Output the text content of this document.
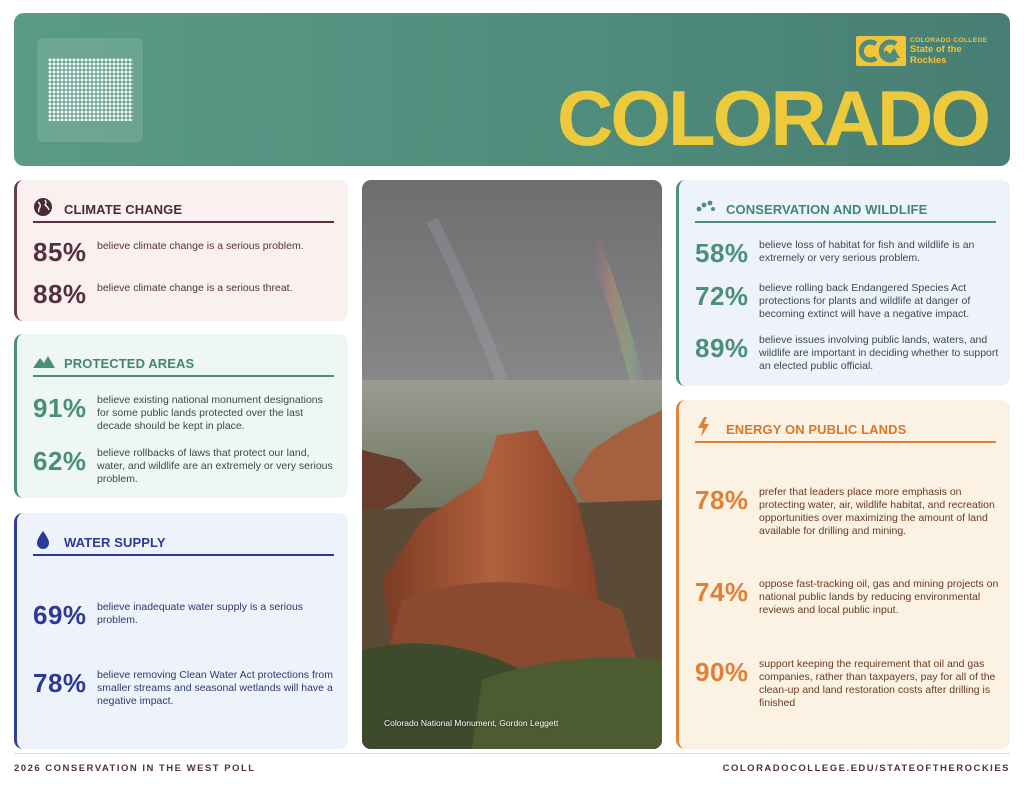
COLORADO COLLEGE
State of the
Rockies
COLORADO
CLIMATE CHANGE
85% believe climate change is a serious problem.
88% believe climate change is a serious threat.
PROTECTED AREAS
91% believe existing national monument designations for some public lands protected over the last decade should be kept in place.
62% believe rollbacks of laws that protect our land, water, and wildlife are an extremely or very serious problem.
WATER SUPPLY
69% believe inadequate water supply is a serious problem.
78% believe removing Clean Water Act protections from smaller streams and seasonal wetlands will have a negative impact.
Colorado National Monument, Gordon Leggett
CONSERVATION AND WILDLIFE
58% believe loss of habitat for fish and wildlife is an extremely or very serious problem.
72% believe rolling back Endangered Species Act protections for plants and wildlife at danger of becoming extinct will have a negative impact.
89% believe issues involving public lands, waters, and wildlife are important in deciding whether to support an elected public official.
ENERGY ON PUBLIC LANDS
78% prefer that leaders place more emphasis on protecting water, air, wildlife habitat, and recreation opportunities over maximizing the amount of land available for drilling and mining.
74% oppose fast-tracking oil, gas and mining projects on national public lands by reducing environmental reviews and local public input.
90% support keeping the requirement that oil and gas companies, rather than taxpayers, pay for all of the clean-up and land restoration costs after drilling is finished
2026 CONSERVATION IN THE WEST POLL	COLORADOCOLLEGE.EDU/STATEOFTHEROCKIES
